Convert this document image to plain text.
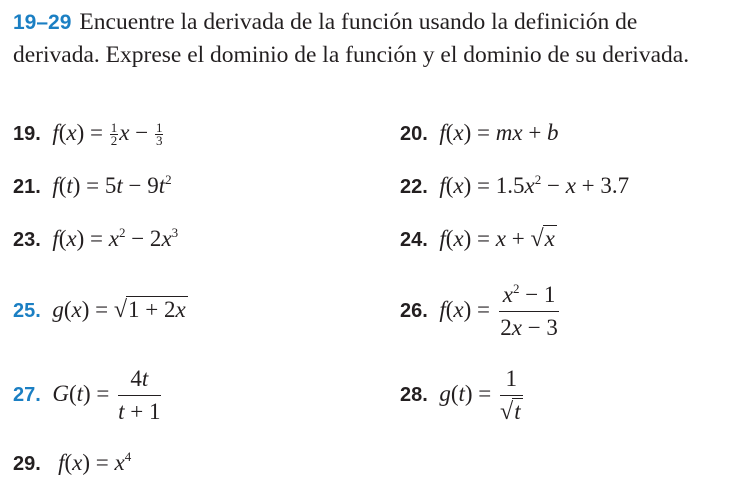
19–29 Encuentre la derivada de la función usando la definición de derivada. Exprese el dominio de la función y el dominio de su derivada.
19. $f(x) = \frac{1}{2}$ $x - \frac{1}{3}$	20. f(x) = mx + b
21. $f(t) = 5t - 9t^2$	22. $f(x) = 1.5x^2 - x + 3.7$
23. $f(x) = x^2 - 2x^3$	24. f(x) = x + √x
25. g(x) = √1 + 2x	26. $f(x) = \frac{x^2 - 1}{2x - 3}$
27. $G(t) = \frac{4t}{t + 1}$	28. $g(t) = \frac{1}{√t}$
29. $f(x) = x^4$
